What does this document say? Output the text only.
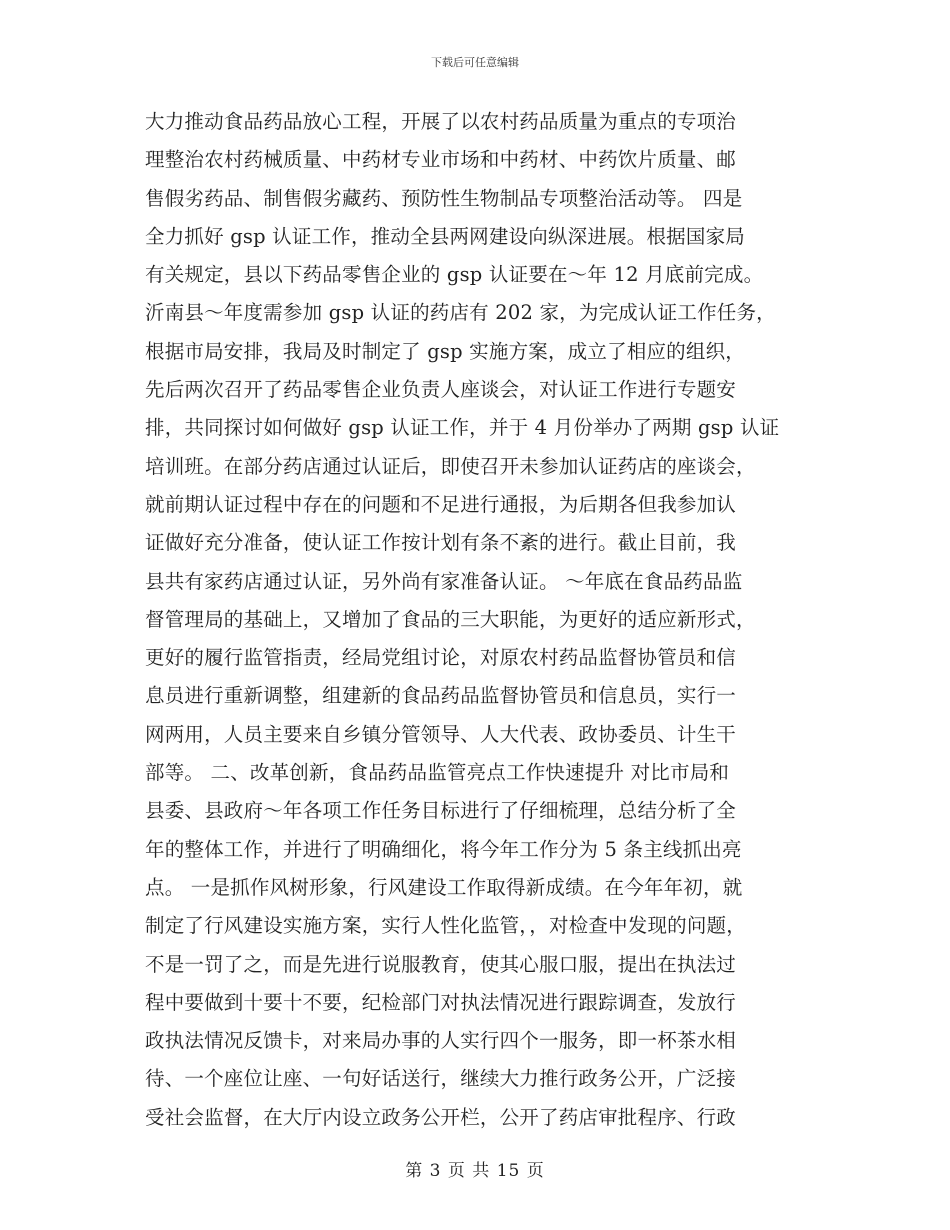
下载后可任意编辑
大力推动食品药品放心工程，开展了以农村药品质量为重点的专项治
理整治农村药械质量、中药材专业市场和中药材、中药饮片质量、邮
售假劣药品、制售假劣藏药、预防性生物制品专项整治活动等。 四是
全力抓好 gsp 认证工作，推动全县两网建设向纵深进展。根据国家局
有关规定，县以下药品零售企业的 gsp 认证要在～年 12 月底前完成。
沂南县～年度需参加 gsp 认证的药店有 202 家，为完成认证工作任务，
根据市局安排，我局及时制定了 gsp 实施方案，成立了相应的组织，
先后两次召开了药品零售企业负责人座谈会，对认证工作进行专题安
排，共同探讨如何做好 gsp 认证工作，并于 4 月份举办了两期 gsp 认证
培训班。在部分药店通过认证后，即使召开未参加认证药店的座谈会，
就前期认证过程中存在的问题和不足进行通报，为后期各但我参加认
证做好充分准备，使认证工作按计划有条不紊的进行。截止目前，我
县共有家药店通过认证，另外尚有家准备认证。 ～年底在食品药品监
督管理局的基础上，又增加了食品的三大职能，为更好的适应新形式，
更好的履行监管指责，经局党组讨论，对原农村药品监督协管员和信
息员进行重新调整，组建新的食品药品监督协管员和信息员，实行一
网两用，人员主要来自乡镇分管领导、人大代表、政协委员、计生干
部等。 二、改革创新，食品药品监管亮点工作快速提升 对比市局和
县委、县政府～年各项工作任务目标进行了仔细梳理，总结分析了全
年的整体工作，并进行了明确细化，将今年工作分为 5 条主线抓出亮
点。 一是抓作风树形象，行风建设工作取得新成绩。在今年年初，就
制定了行风建设实施方案，实行人性化监管，，对检查中发现的问题，
不是一罚了之，而是先进行说服教育，使其心服口服，提出在执法过
程中要做到十要十不要，纪检部门对执法情况进行跟踪调查，发放行
政执法情况反馈卡，对来局办事的人实行四个一服务，即一杯茶水相
待、一个座位让座、一句好话送行，继续大力推行政务公开，广泛接
受社会监督，在大厅内设立政务公开栏，公开了药店审批程序、行政
第 3 页 共 15 页
